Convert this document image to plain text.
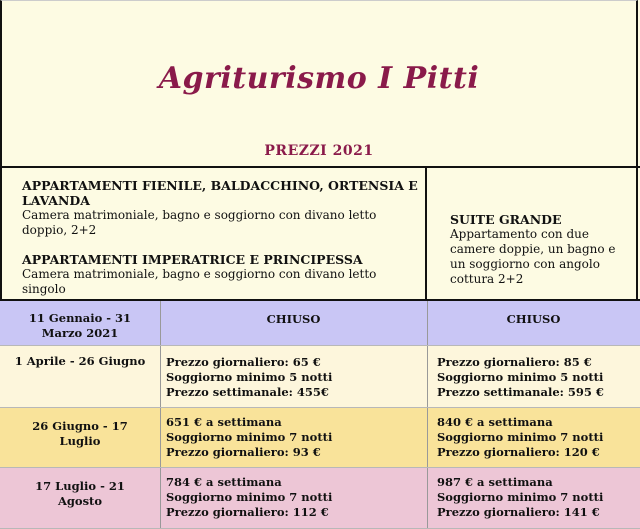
Agriturismo I Pitti
PREZZI 2021
APPARTAMENTI FIENILE, BALDACCHINO, ORTENSIA E LAVANDA
Camera matrimoniale, bagno e soggiorno con divano letto doppio, 2+2
APPARTAMENTI IMPERATRICE E PRINCIPESSA
Camera matrimoniale, bagno e soggiorno con divano letto singolo
SUITE GRANDE
Appartamento con due camere doppie, un bagno e un soggiorno con angolo cottura 2+2
11 Gennaio - 31 Marzo 2021
CHIUSO	CHIUSO
1 Aprile - 26 Giugno	Prezzo giornaliero: 65 €
Soggiorno minimo 5 notti
Prezzo settimanale: 455€
Prezzo giornaliero: 85 €
Soggiorno minimo 5 notti
Prezzo settimanale: 595 €
26 Giugno - 17 Luglio
651 € a settimana
Soggiorno minimo 7 notti
Prezzo giornaliero: 93 €
840 € a settimana
Soggiorno minimo 7 notti
Prezzo giornaliero: 120 €
17 Luglio - 21 Agosto
784 € a settimana
Soggiorno minimo 7 notti
Prezzo giornaliero: 112 €
987 € a settimana
Soggiorno minimo 7 notti
Prezzo giornaliero: 141 €
